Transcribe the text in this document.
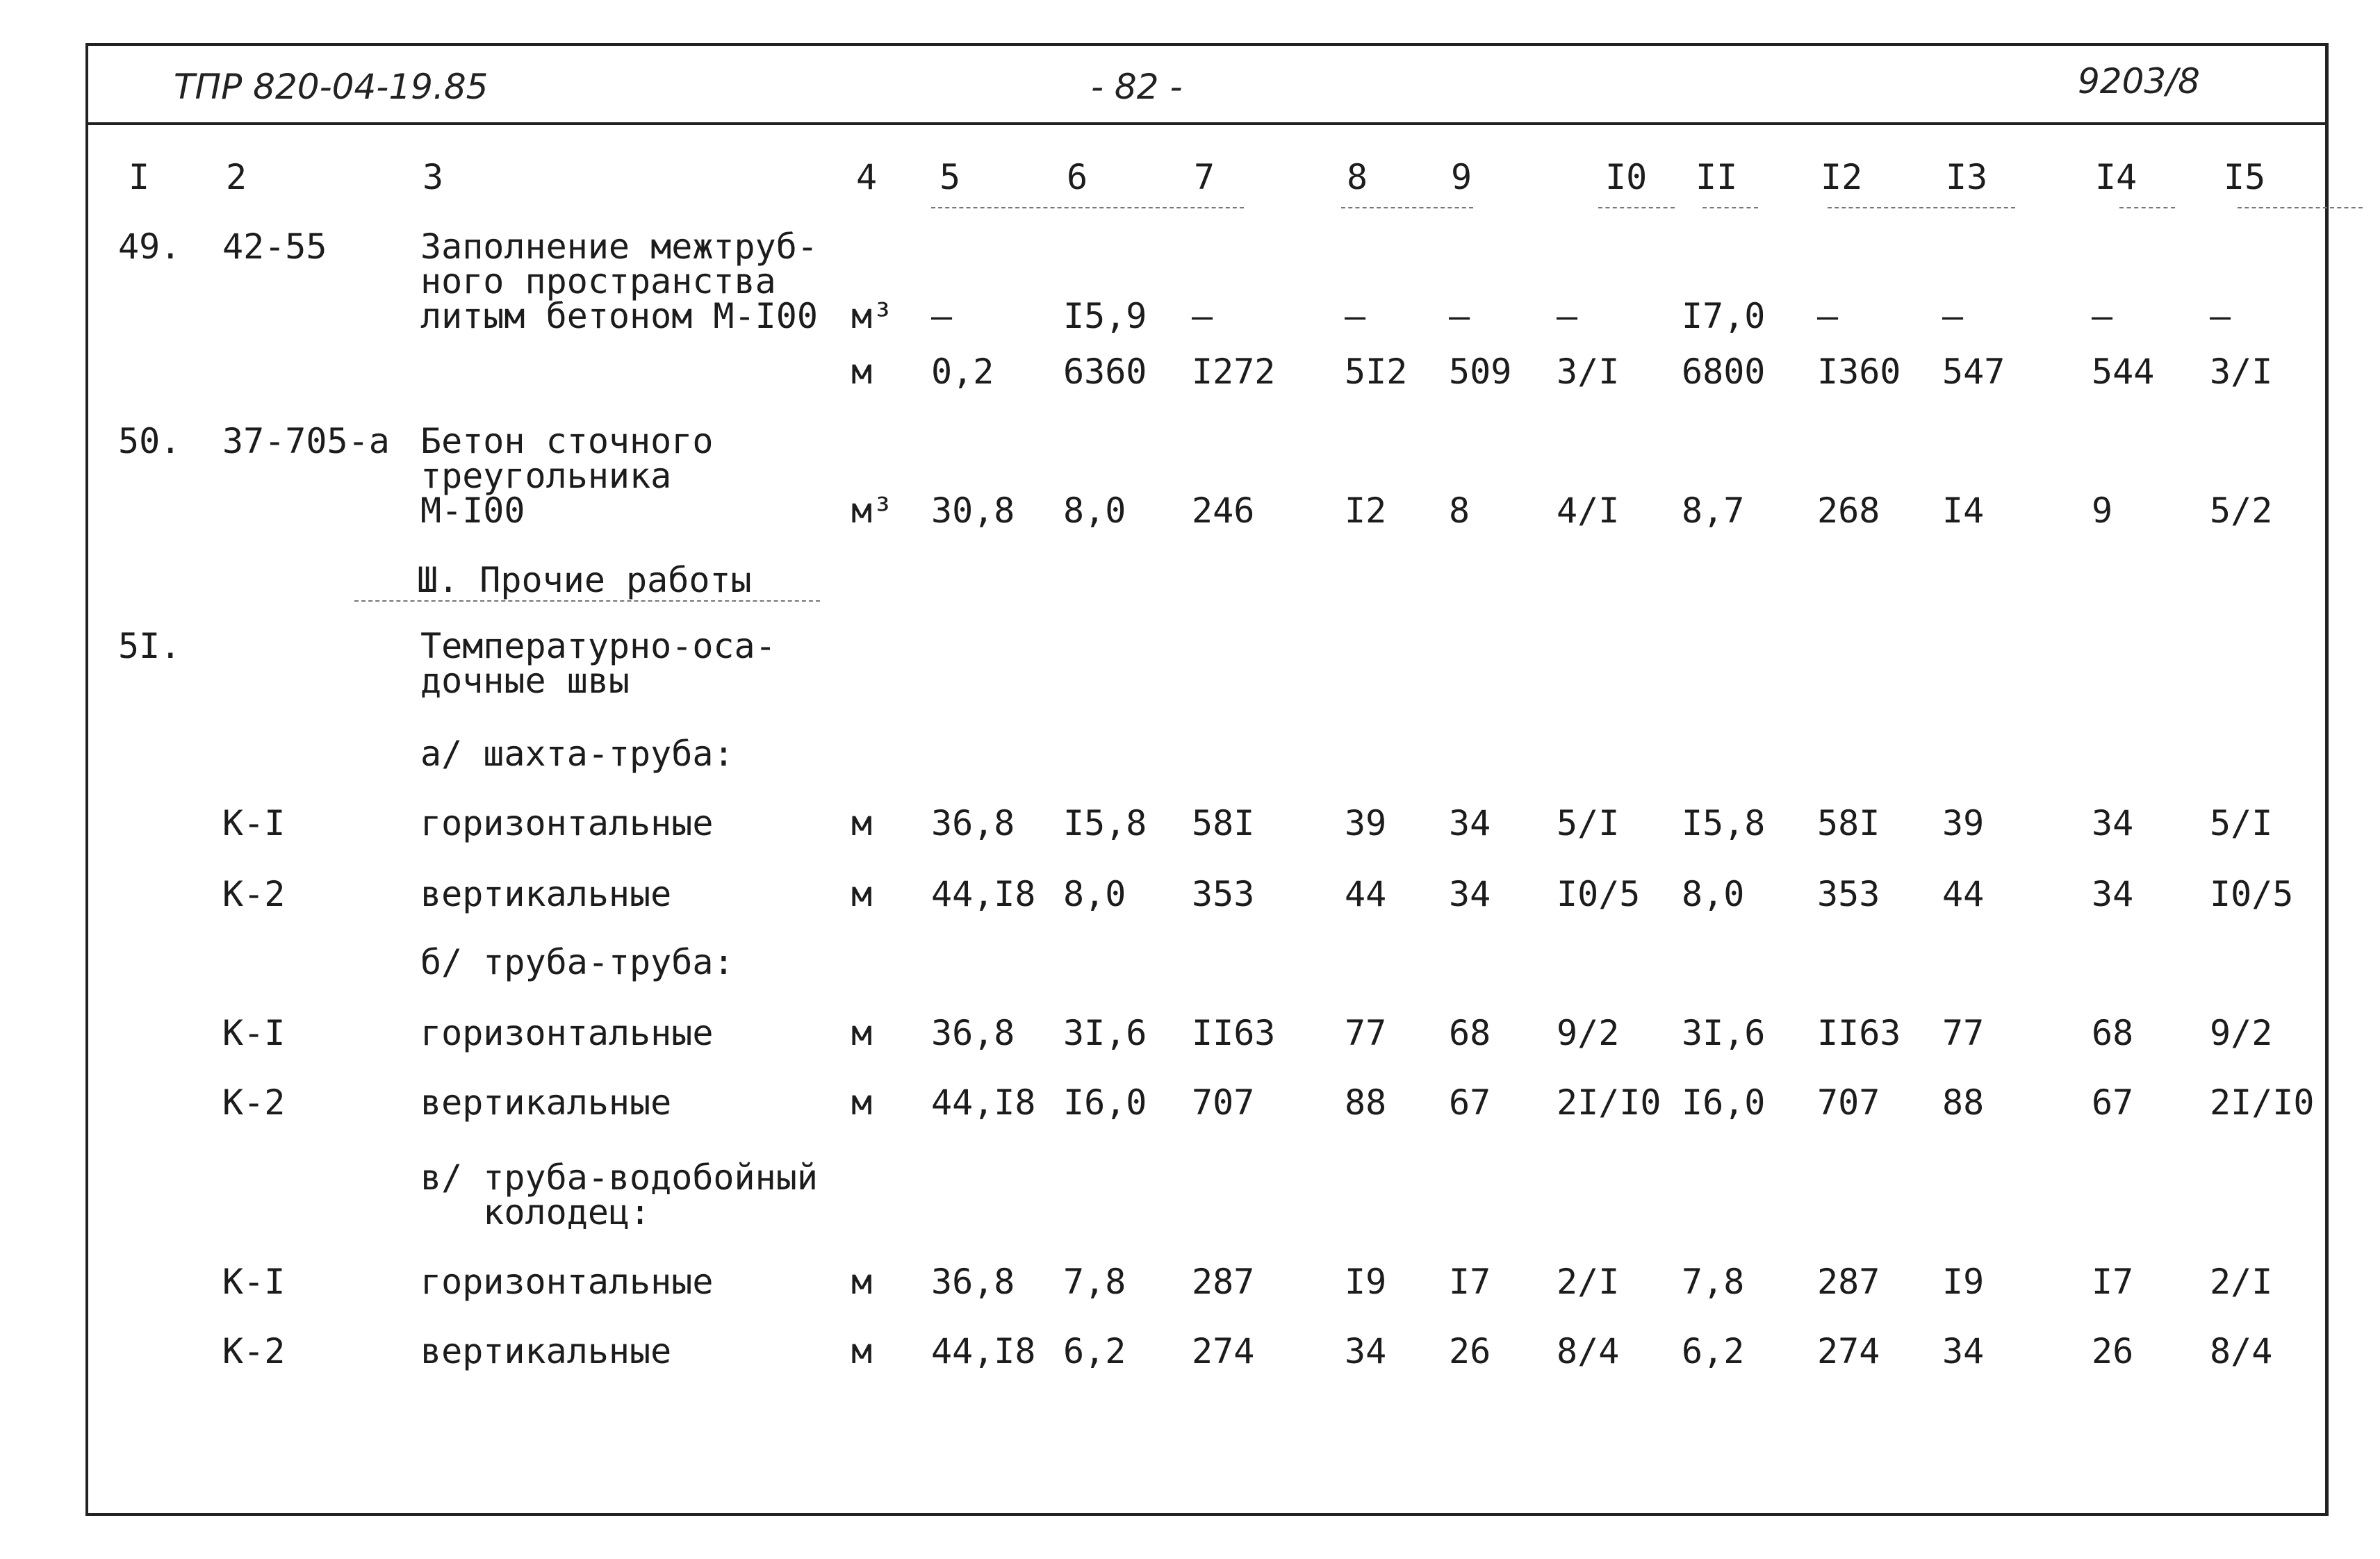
ТПР 820-04-19.85	- 82 -	9203/8
Ш. Прочие работы
I 2	3	4 5	6	7	8 9	I0 II I2 I3	I4 I5
49. 42-55	Заполнение межтруб-
ного пространства
литым бетоном М-I00 м³ –	I5,9 –	– – –	I7,0 –	–	–	–
м 0,2 6360 I272 5I2 509 3/I 6800 I360 547 544 3/I
50. 37-705-а Бетон сточного
треугольника
М-I00	м³ 30,8 8,0 246	I2 8 4/I 8,7 268 I4	9	5/2
5I.	Температурно-оса-
дочные швы
а/ шахта-труба:
К-I	горизонтальные	м 36,8 I5,8 58I	39 34 5/I I5,8 58I 39	34 5/I
К-2	вертикальные	м 44,I8 8,0 353	44 34 I0/5 8,0 353 44	34 I0/5
б/ труба-труба:
К-I	горизонтальные	м 36,8 3I,6 II63 77 68 9/2 3I,6 II63 77	68 9/2
К-2	вертикальные	м 44,I8 I6,0 707	88 67 2I/I0 I6,0 707 88	67 2I/I0
в/ труба-водобойный
колодец:
К-I	горизонтальные	м 36,8 7,8 287	I9 I7 2/I 7,8 287 I9	I7 2/I
К-2	вертикальные	м 44,I8 6,2 274	34 26 8/4 6,2 274 34	26 8/4
